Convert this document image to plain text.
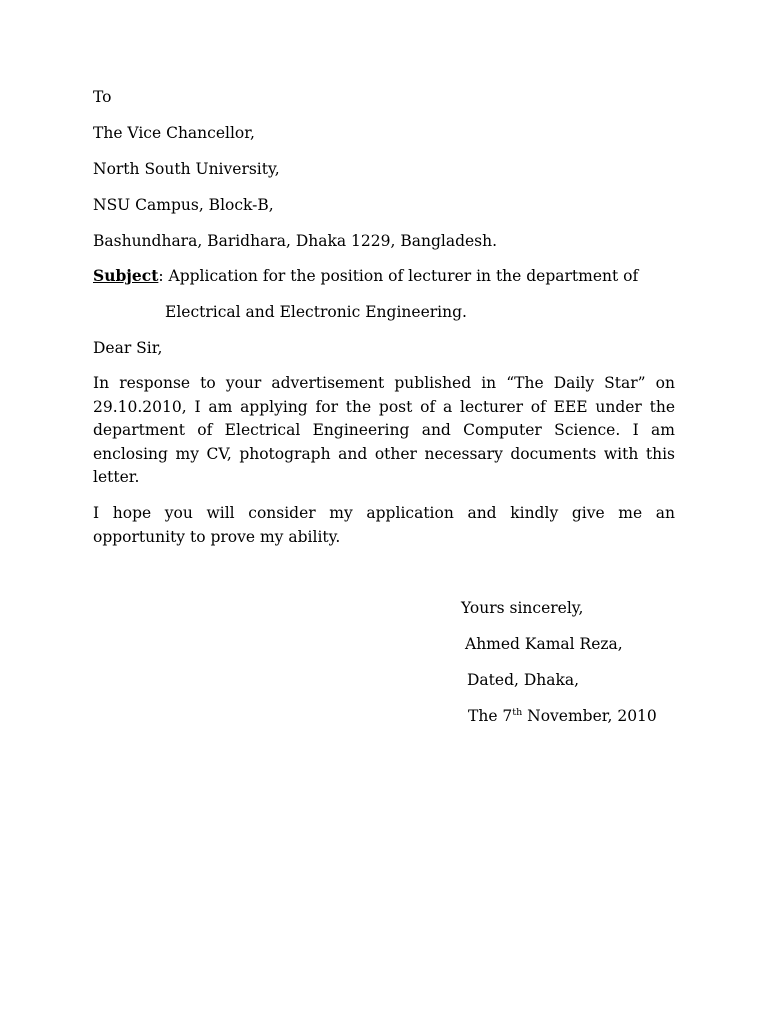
To
The Vice Chancellor,
North South University,
NSU Campus, Block-B,
Bashundhara, Baridhara, Dhaka 1229, Bangladesh.
Subject: Application for the position of lecturer in the department of
Electrical and Electronic Engineering.
Dear Sir,
In response to your advertisement published in “The Daily Star” on 29.10.2010, I am applying for the post of a lecturer of EEE under the department of Electrical Engineering and Computer Science. I am enclosing my CV, photograph and other necessary documents with this letter.
I hope you will consider my application and kindly give me an opportunity to prove my ability.
Yours sincerely,
Ahmed Kamal Reza,
Dated, Dhaka,
The 7th November, 2010
